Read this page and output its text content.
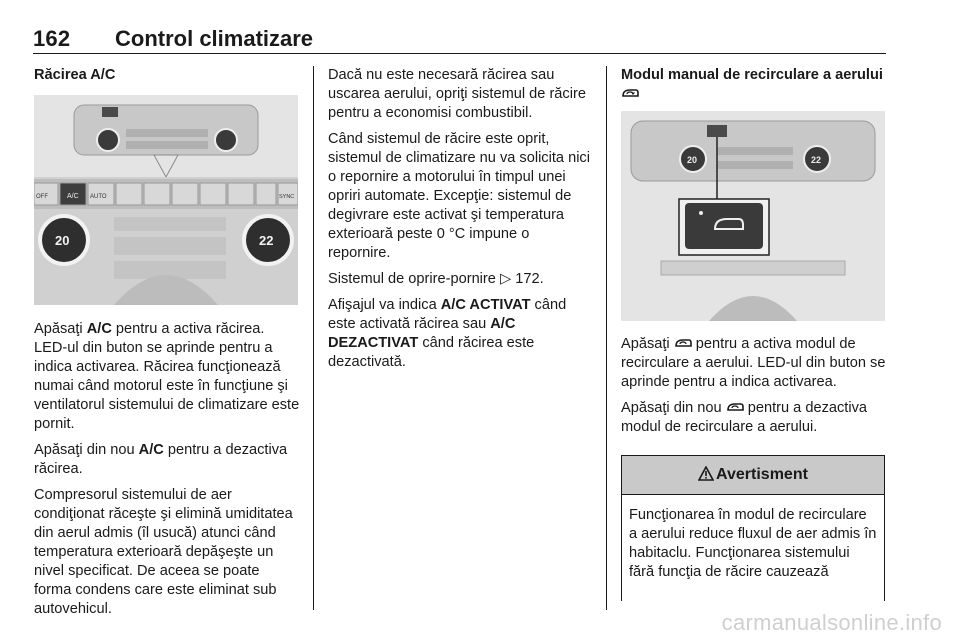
162 Control climatizare
Răcirea A/C
OFF	A/C AUTO	SYNC
20	22

Apăsaţi A/C pentru a activa răcirea. LED-ul din buton se aprinde pentru a indica activarea. Răcirea funcţionează numai când motorul este în funcţiune şi ventilatorul sistemului de climatizare este pornit.

Apăsaţi din nou A/C pentru a dezactiva răcirea.

Compresorul sistemului de aer condiţionat răceşte şi elimină umiditatea din aerul admis (îl usucă) atunci când temperatura exterioară depăşeşte un nivel specificat. De aceea se poate forma condens care este eliminat sub autovehicul.

Dacă nu este necesară răcirea sau uscarea aerului, opriţi sistemul de răcire pentru a economisi combustibil.

Când sistemul de răcire este oprit, sistemul de climatizare nu va solicita nici o repornire a motorului în timpul unei opriri automate. Excepţie: sistemul de degivrare este activat şi temperatura exterioară peste 0 °C impune o repornire.

Sistemul de oprire-pornire ▷ 172.

Afişajul va indica A/C ACTIVAT când este activată răcirea sau A/C DEZACTIVAT când răcirea este dezactivată.

Modul manual de recirculare a aerului
20	22

Apăsaţi  pentru a activa modul de recirculare a aerului. LED-ul din buton se aprinde pentru a indica activarea.

Apăsaţi din nou  pentru a dezactiva modul de recirculare a aerului.

Avertisment
Funcţionarea în modul de recirculare a aerului reduce fluxul de aer admis în habitaclu. Funcţionarea sistemului fără funcţia de răcire cauzează
carmanualsonline.info
